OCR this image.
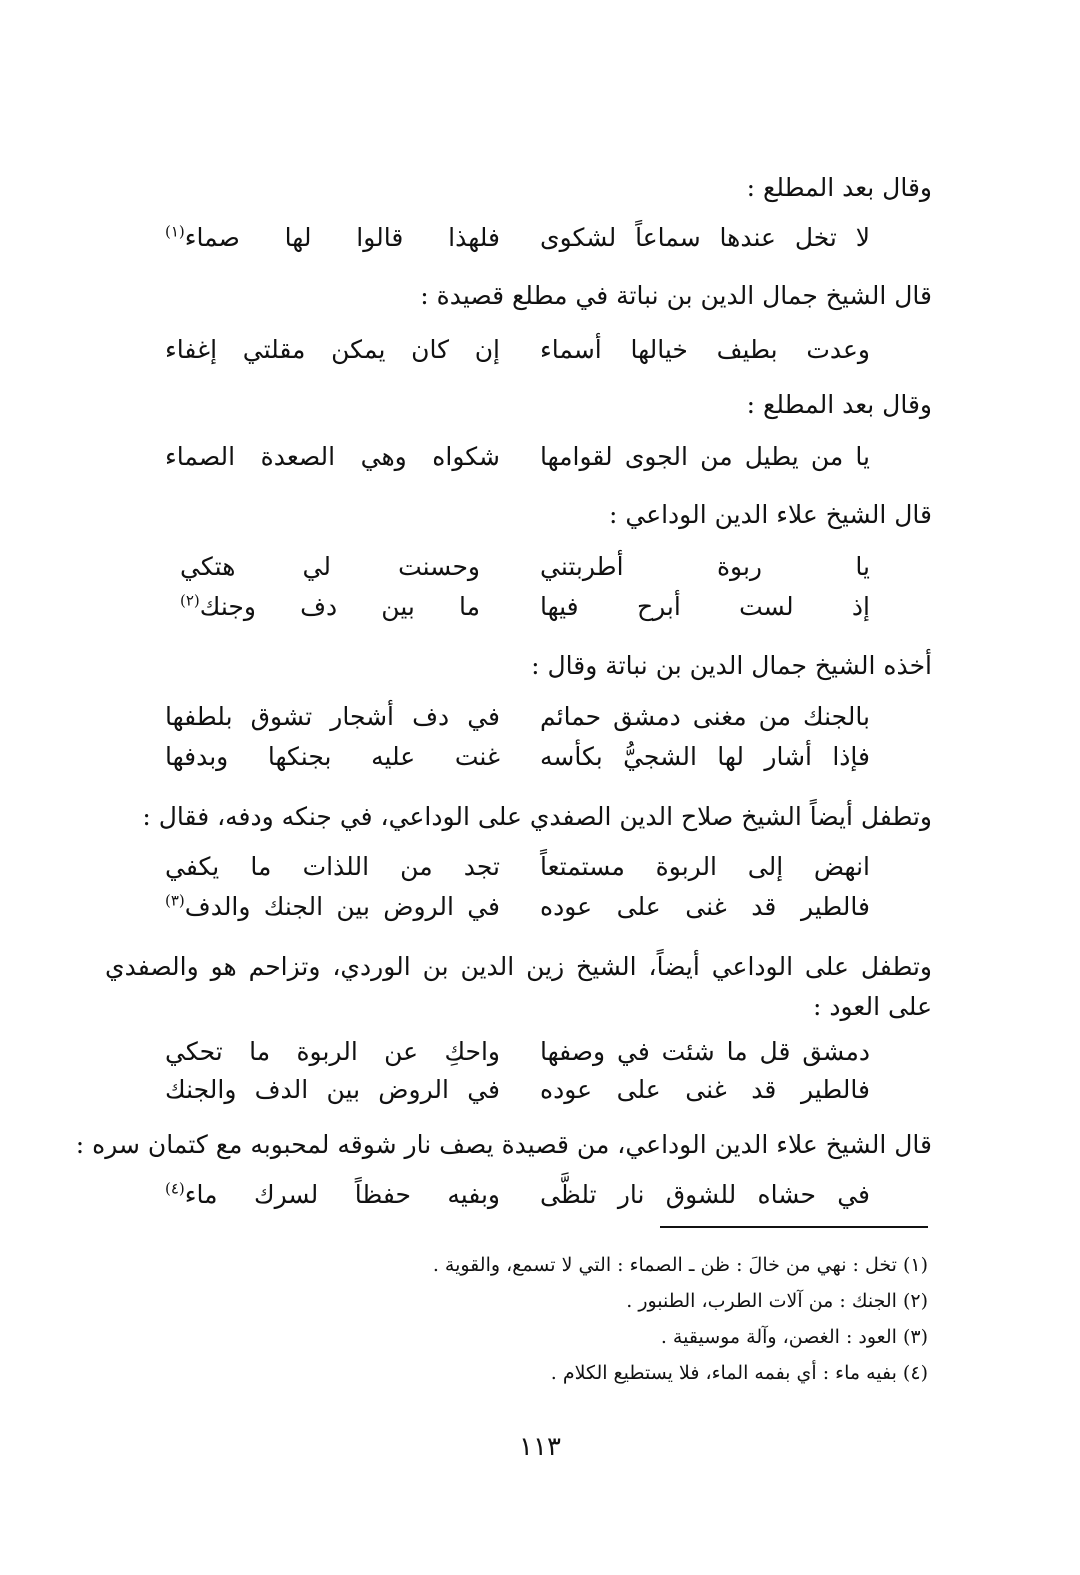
وقال بعد المطلع :
لا تخل عندها سماعاً لشكوى
فلهذا قالوا لها صماء$^{(١)}$
قال الشيخ جمال الدين بن نباتة في مطلع قصيدة :
وعدت بطيف خيالها أسماء
إن كان يمكن مقلتي إغفاء
وقال بعد المطلع :
يا من يطيل من الجوى لقوامها
شكواه وهي الصعدة الصماء
قال الشيخ علاء الدين الوداعي :
يا ربوة أطربتني
وحسنت لي هتكي
إذ لست أبرح فيها
ما بين دف وجنك$^{(٢)}$
أخذه الشيخ جمال الدين بن نباتة وقال :
بالجنك من مغنى دمشق حمائم
في دف أشجار تشوق بلطفها
فإذا أشار لها الشجيُّ بكأسه
غنت عليه بجنكها وبدفها
وتطفل أيضاً الشيخ صلاح الدين الصفدي على الوداعي، في جنكه ودفه، فقال :
انهض إلى الربوة مستمتعاً
تجد من اللذات ما يكفي
فالطير قد غنى على عوده
في الروض بين الجنك والدف$^{(٣)}$
وتطفل على الوداعي أيضاً، الشيخ زين الدين بن الوردي، وتزاحم هو والصفدي على العود :
دمشق قل ما شئت في وصفها
واحكِ عن الربوة ما تحكي
فالطير قد غنى على عوده
في الروض بين الدف والجنك
قال الشيخ علاء الدين الوداعي، من قصيدة يصف نار شوقه لمحبوبه مع كتمان سره :
في حشاه للشوق نار تلظَّى
وبفيه حفظاً لسرك ماء$^{(٤)}$
(١) تخل : نهي من خالَ : ظن ـ الصماء : التي لا تسمع، والقوية .
(٢) الجنك : من آلات الطرب، الطنبور .
(٣) العود : الغصن، وآلة موسيقية .
(٤) بفيه ماء : أي بفمه الماء، فلا يستطيع الكلام .
١١٣
